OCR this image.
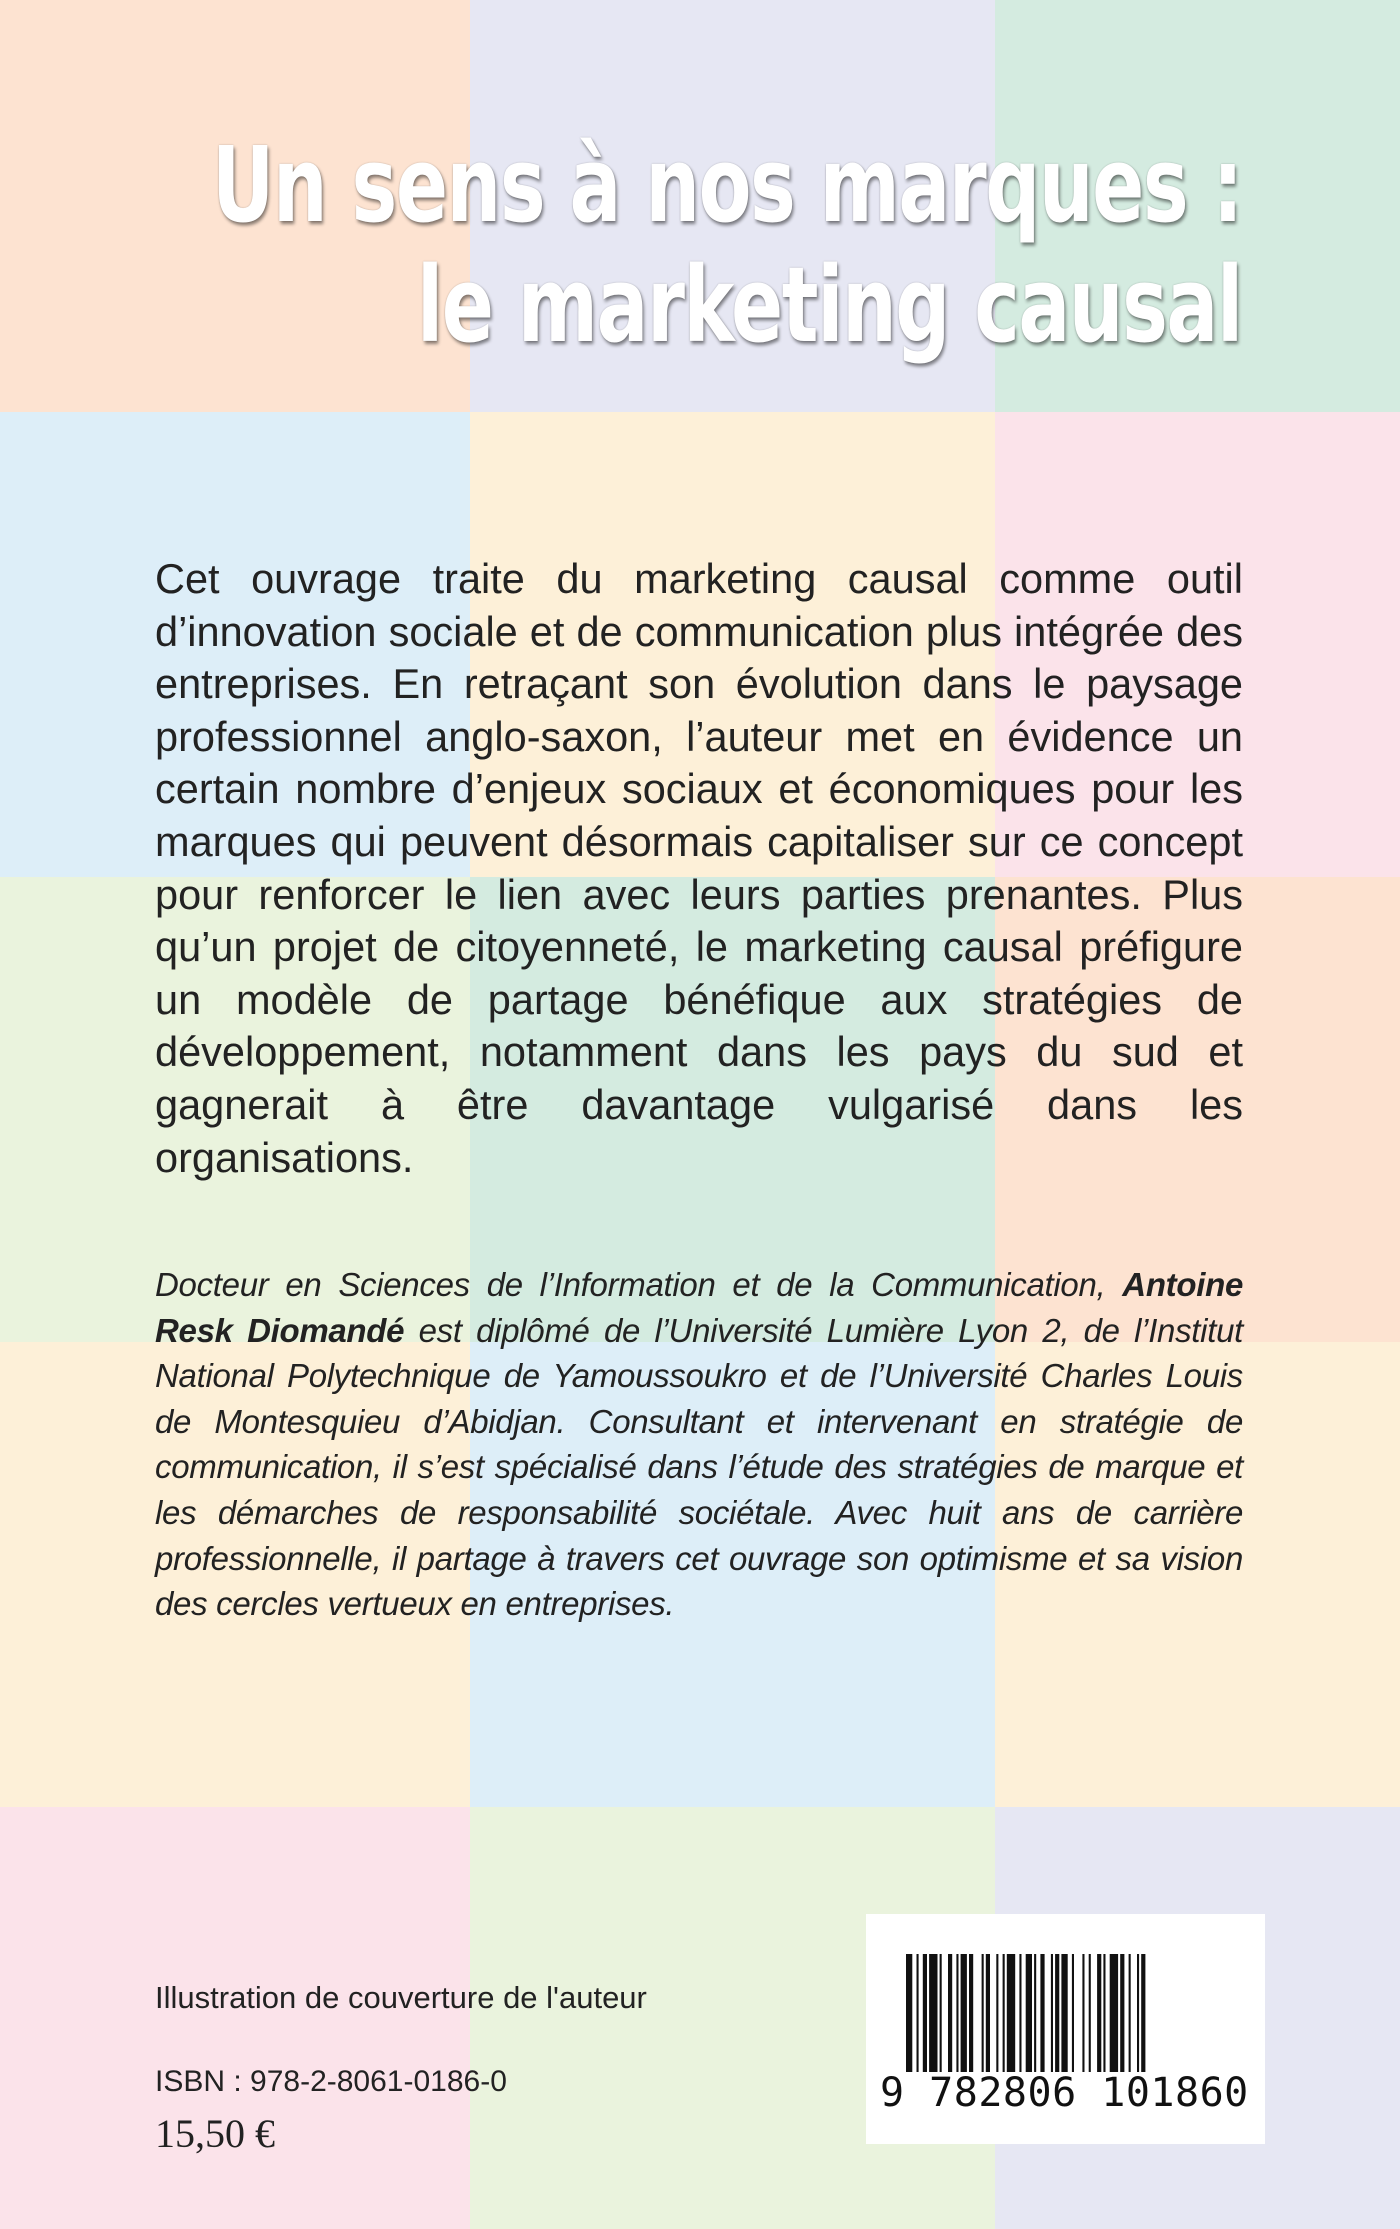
Un sens à nos marques :
le marketing causal

Cet ouvrage traite du marketing causal comme outil d’innovation sociale et de communication plus intégrée des entreprises. En retraçant son évolution dans le paysage professionnel anglo-saxon, l’auteur met en évidence un certain nombre d’enjeux sociaux et économiques pour les marques qui peuvent désormais capitaliser sur ce concept pour renforcer le lien avec leurs parties prenantes. Plus qu’un projet de citoyenneté, le marketing causal préfigure un modèle de partage bénéfique aux stratégies de développement, notamment dans les pays du sud et gagnerait à être davantage vulgarisé dans les organisations.

Docteur en Sciences de l’Information et de la Communication, Antoine Resk Diomandé est diplômé de l’Université Lumière Lyon 2, de l’Institut National Polytechnique de Yamoussoukro et de l’Université Charles Louis de Montesquieu d’Abidjan. Consultant et intervenant en stratégie de communication, il s’est spécialisé dans l’étude des stratégies de marque et les démarches de responsabilité sociétale. Avec huit ans de carrière professionnelle, il partage à travers cet ouvrage son optimisme et sa vision des cercles vertueux en entreprises.

Illustration de couverture de l'auteur
ISBN : 978-2-8061-0186-0
15,50 €
9 782806 101860
